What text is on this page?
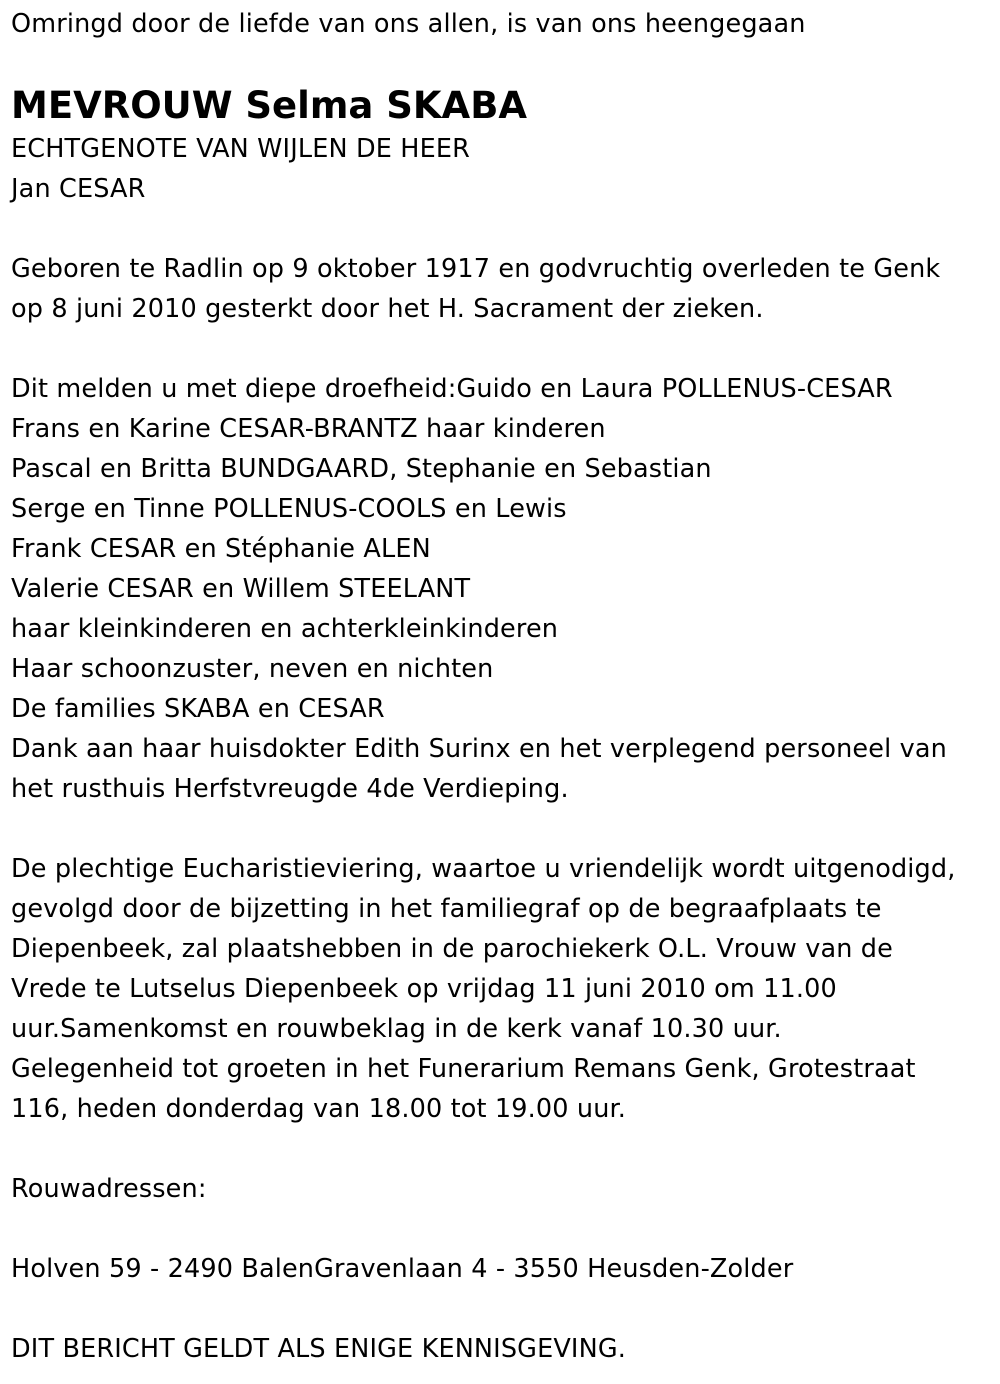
Omringd door de liefde van ons allen, is van ons heengegaan
MEVROUW Selma SKABA
ECHTGENOTE VAN WIJLEN DE HEER
Jan CESAR
Geboren te Radlin op 9 oktober 1917 en godvruchtig overleden te Genk
op 8 juni 2010 gesterkt door het H. Sacrament der zieken.
Dit melden u met diepe droefheid:Guido en Laura POLLENUS-CESAR
Frans en Karine CESAR-BRANTZ haar kinderen
Pascal en Britta BUNDGAARD, Stephanie en Sebastian
Serge en Tinne POLLENUS-COOLS en Lewis
Frank CESAR en Stéphanie ALEN
Valerie CESAR en Willem STEELANT
haar kleinkinderen en achterkleinkinderen
Haar schoonzuster, neven en nichten
De families SKABA en CESAR
Dank aan haar huisdokter Edith Surinx en het verplegend personeel van
het rusthuis Herfstvreugde 4de Verdieping.
De plechtige Eucharistieviering, waartoe u vriendelijk wordt uitgenodigd,
gevolgd door de bijzetting in het familiegraf op de begraafplaats te
Diepenbeek, zal plaatshebben in de parochiekerk O.L. Vrouw van de
Vrede te Lutselus Diepenbeek op vrijdag 11 juni 2010 om 11.00
uur.Samenkomst en rouwbeklag in de kerk vanaf 10.30 uur.
Gelegenheid tot groeten in het Funerarium Remans Genk, Grotestraat
116, heden donderdag van 18.00 tot 19.00 uur.
Rouwadressen:
Holven 59 - 2490 BalenGravenlaan 4 - 3550 Heusden-Zolder
DIT BERICHT GELDT ALS ENIGE KENNISGEVING.
